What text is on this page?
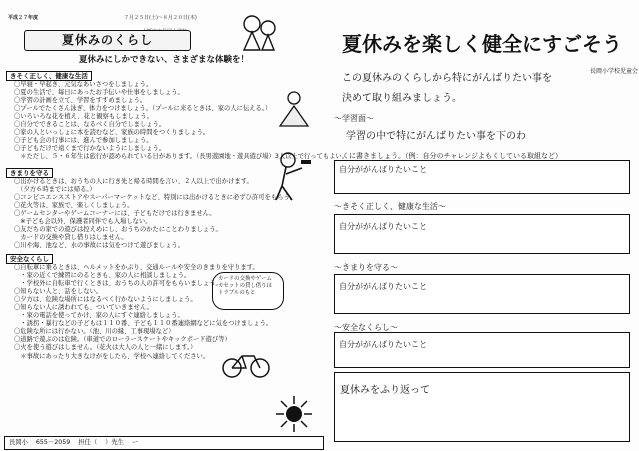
平成２７年度	７月２５日(土)～８月２０日(木)
夏休みのくらし
夏休みにしかできない、さまざまな体験を！
きそく正しく、健康な生活
〇早寝・早起き、元気なあいさつをしましょう。
〇夏の生活で、毎日にあったお手伝いや仕事をしましょう。
〇学習の計画を立て、学習をすすめましょう。
〇プールでたくさん泳ぎ、体力をつけましょう。（プールに来るときは、家の人に伝える。）
〇いろいろな花を植え、花と観察もしましょう。
〇自分でできることは、なるべく自分でしましょう。
〇家の人といっしょに本を読むなど、家族の時間をつくりましょう。
〇子ども会の行事には、進んで参加しましょう。
〇子どもだけで遠くまで行かないようにしましょう。
　＊ただし、５・６年生は旅行が認められている日があります。（長男遊園地・遊具遊び場）3人以上で行ってもよい。
きまりを守る
〇出かけるときは、おうちの人に行き先と帰る時間を言い、２人以上で出かけます。
　（夕方６時までには帰る。）
〇コンビニエンスストアやスーパーマーケットなど、特別には出かけるときに必ずひ許可をもらう。
〇花火等は、家族で、楽しくしましょう。
〇ゲームセンターやゲームコーナーには、子どもだけでは行きません。
　※子ども会以外、保護者同伴でも入場しない。
〇友だちの家での遊びは控えめにし、おうちのかたにことわりましょう。
　カードの交換や貸し借りはしません。
〇川や海、池など、水の事故には気をつけて遊びましょう。
カードの交換やゲーム
カセットの貸し借りは
トラブルのもと
安全なくらし
〇自転車に乗るときは、ヘルメットをかぶり、交通ルールや安全のきまりを守ります。
　・家の近くで練習にのるときも、家の人に相談しましょう。
　・学校外に自転車で行くときは、おうちの人の許可をもらいましょう。
〇知らない人と、話をしない。
〇夕方は、危険な場所にはなるべく行かないようにしましょう。
〇知らない人に誘われても、ついていきません。
　・家の電話を使ってかけ、家の人にすぐ連絡しましょう。
　・誘拐・暴行などの子どもは１１０番、子ども１１０番連絡網などに気をつけましょう。
〇危険な所には行かない。（池、川の縁、工事現場など）
〇道路で遊ぶのは危険。（車道でのローラースケートやキックボード遊び等）
〇火を使う遊びはしません。（花火は大人の人と一緒にします。）
　＊事故にあったり大きなけがをしたら、学校へ連絡してください。
長岡小	655－2059	担任（	）先生	ー
夏休みを楽しく健全にすごそう
長岡小学校児童会
この夏休みのくらしから特にがんばりたい事を
決めて取り組みましょう。
〜学習面〜
学習の中で特にがんばりたい事を下のわ
くに書きましょう。（例：自分のチャレンジよもくしている取組など）
自分ががんばりたいこと
〜きそく正しく、健康な生活〜
自分ががんばりたいこと
〜きまりを守る〜
自分ががんばりたいこと
〜安全なくらし〜
自分ががんばりたいこと
夏休みをふり返って
